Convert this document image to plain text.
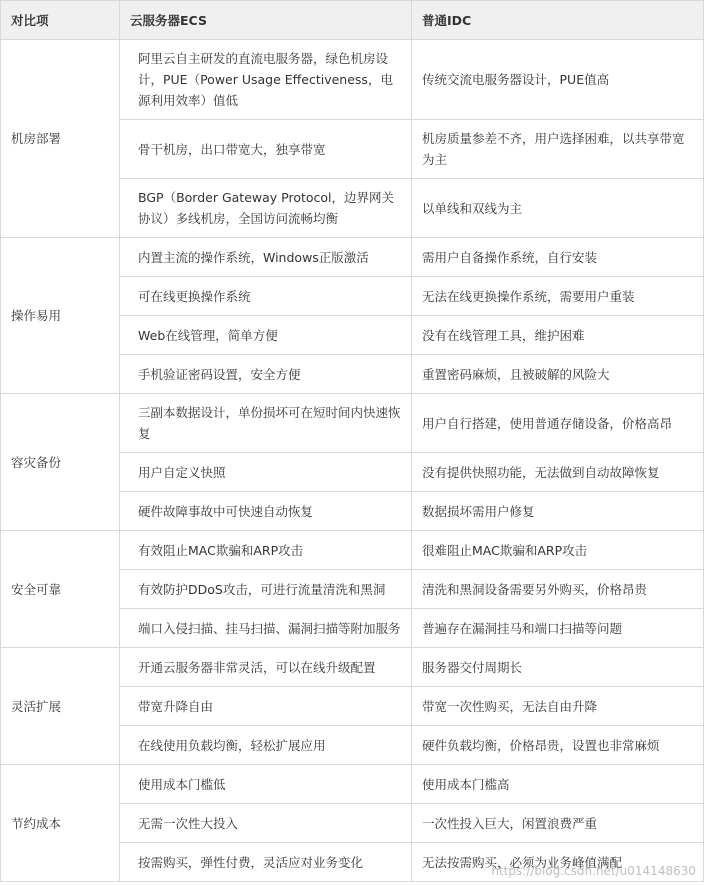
对比项	云服务器ECS	普通IDC
机房部署	阿里云自主研发的直流电服务器，绿色机房设计，PUE（Power Usage Effectiveness，电源利用效率）值低	传统交流电服务器设计，PUE值高
	骨干机房，出口带宽大，独享带宽	机房质量参差不齐，用户选择困难，以共享带宽为主
	BGP（Border Gateway Protocol，边界网关协议）多线机房，全国访问流畅均衡	以单线和双线为主
操作易用	内置主流的操作系统，Windows正版激活	需用户自备操作系统，自行安装
	可在线更换操作系统	无法在线更换操作系统，需要用户重装
	Web在线管理，简单方便	没有在线管理工具，维护困难
	手机验证密码设置，安全方便	重置密码麻烦，且被破解的风险大
容灾备份	三副本数据设计，单份损坏可在短时间内快速恢复	用户自行搭建，使用普通存储设备，价格高昂
	用户自定义快照	没有提供快照功能，无法做到自动故障恢复
	硬件故障事故中可快速自动恢复	数据损坏需用户修复
安全可靠	有效阻止MAC欺骗和ARP攻击	很难阻止MAC欺骗和ARP攻击
	有效防护DDoS攻击，可进行流量清洗和黑洞	清洗和黑洞设备需要另外购买，价格昂贵
	端口入侵扫描、挂马扫描、漏洞扫描等附加服务	普遍存在漏洞挂马和端口扫描等问题
灵活扩展	开通云服务器非常灵活，可以在线升级配置	服务器交付周期长
	带宽升降自由	带宽一次性购买，无法自由升降
	在线使用负载均衡，轻松扩展应用	硬件负载均衡，价格昂贵，设置也非常麻烦
节约成本	使用成本门槛低	使用成本门槛高
	无需一次性大投入	一次性投入巨大，闲置浪费严重
	按需购买，弹性付费，灵活应对业务变化	无法按需购买，必须为业务峰值满配
https://blog.csdn.net/u014148630
